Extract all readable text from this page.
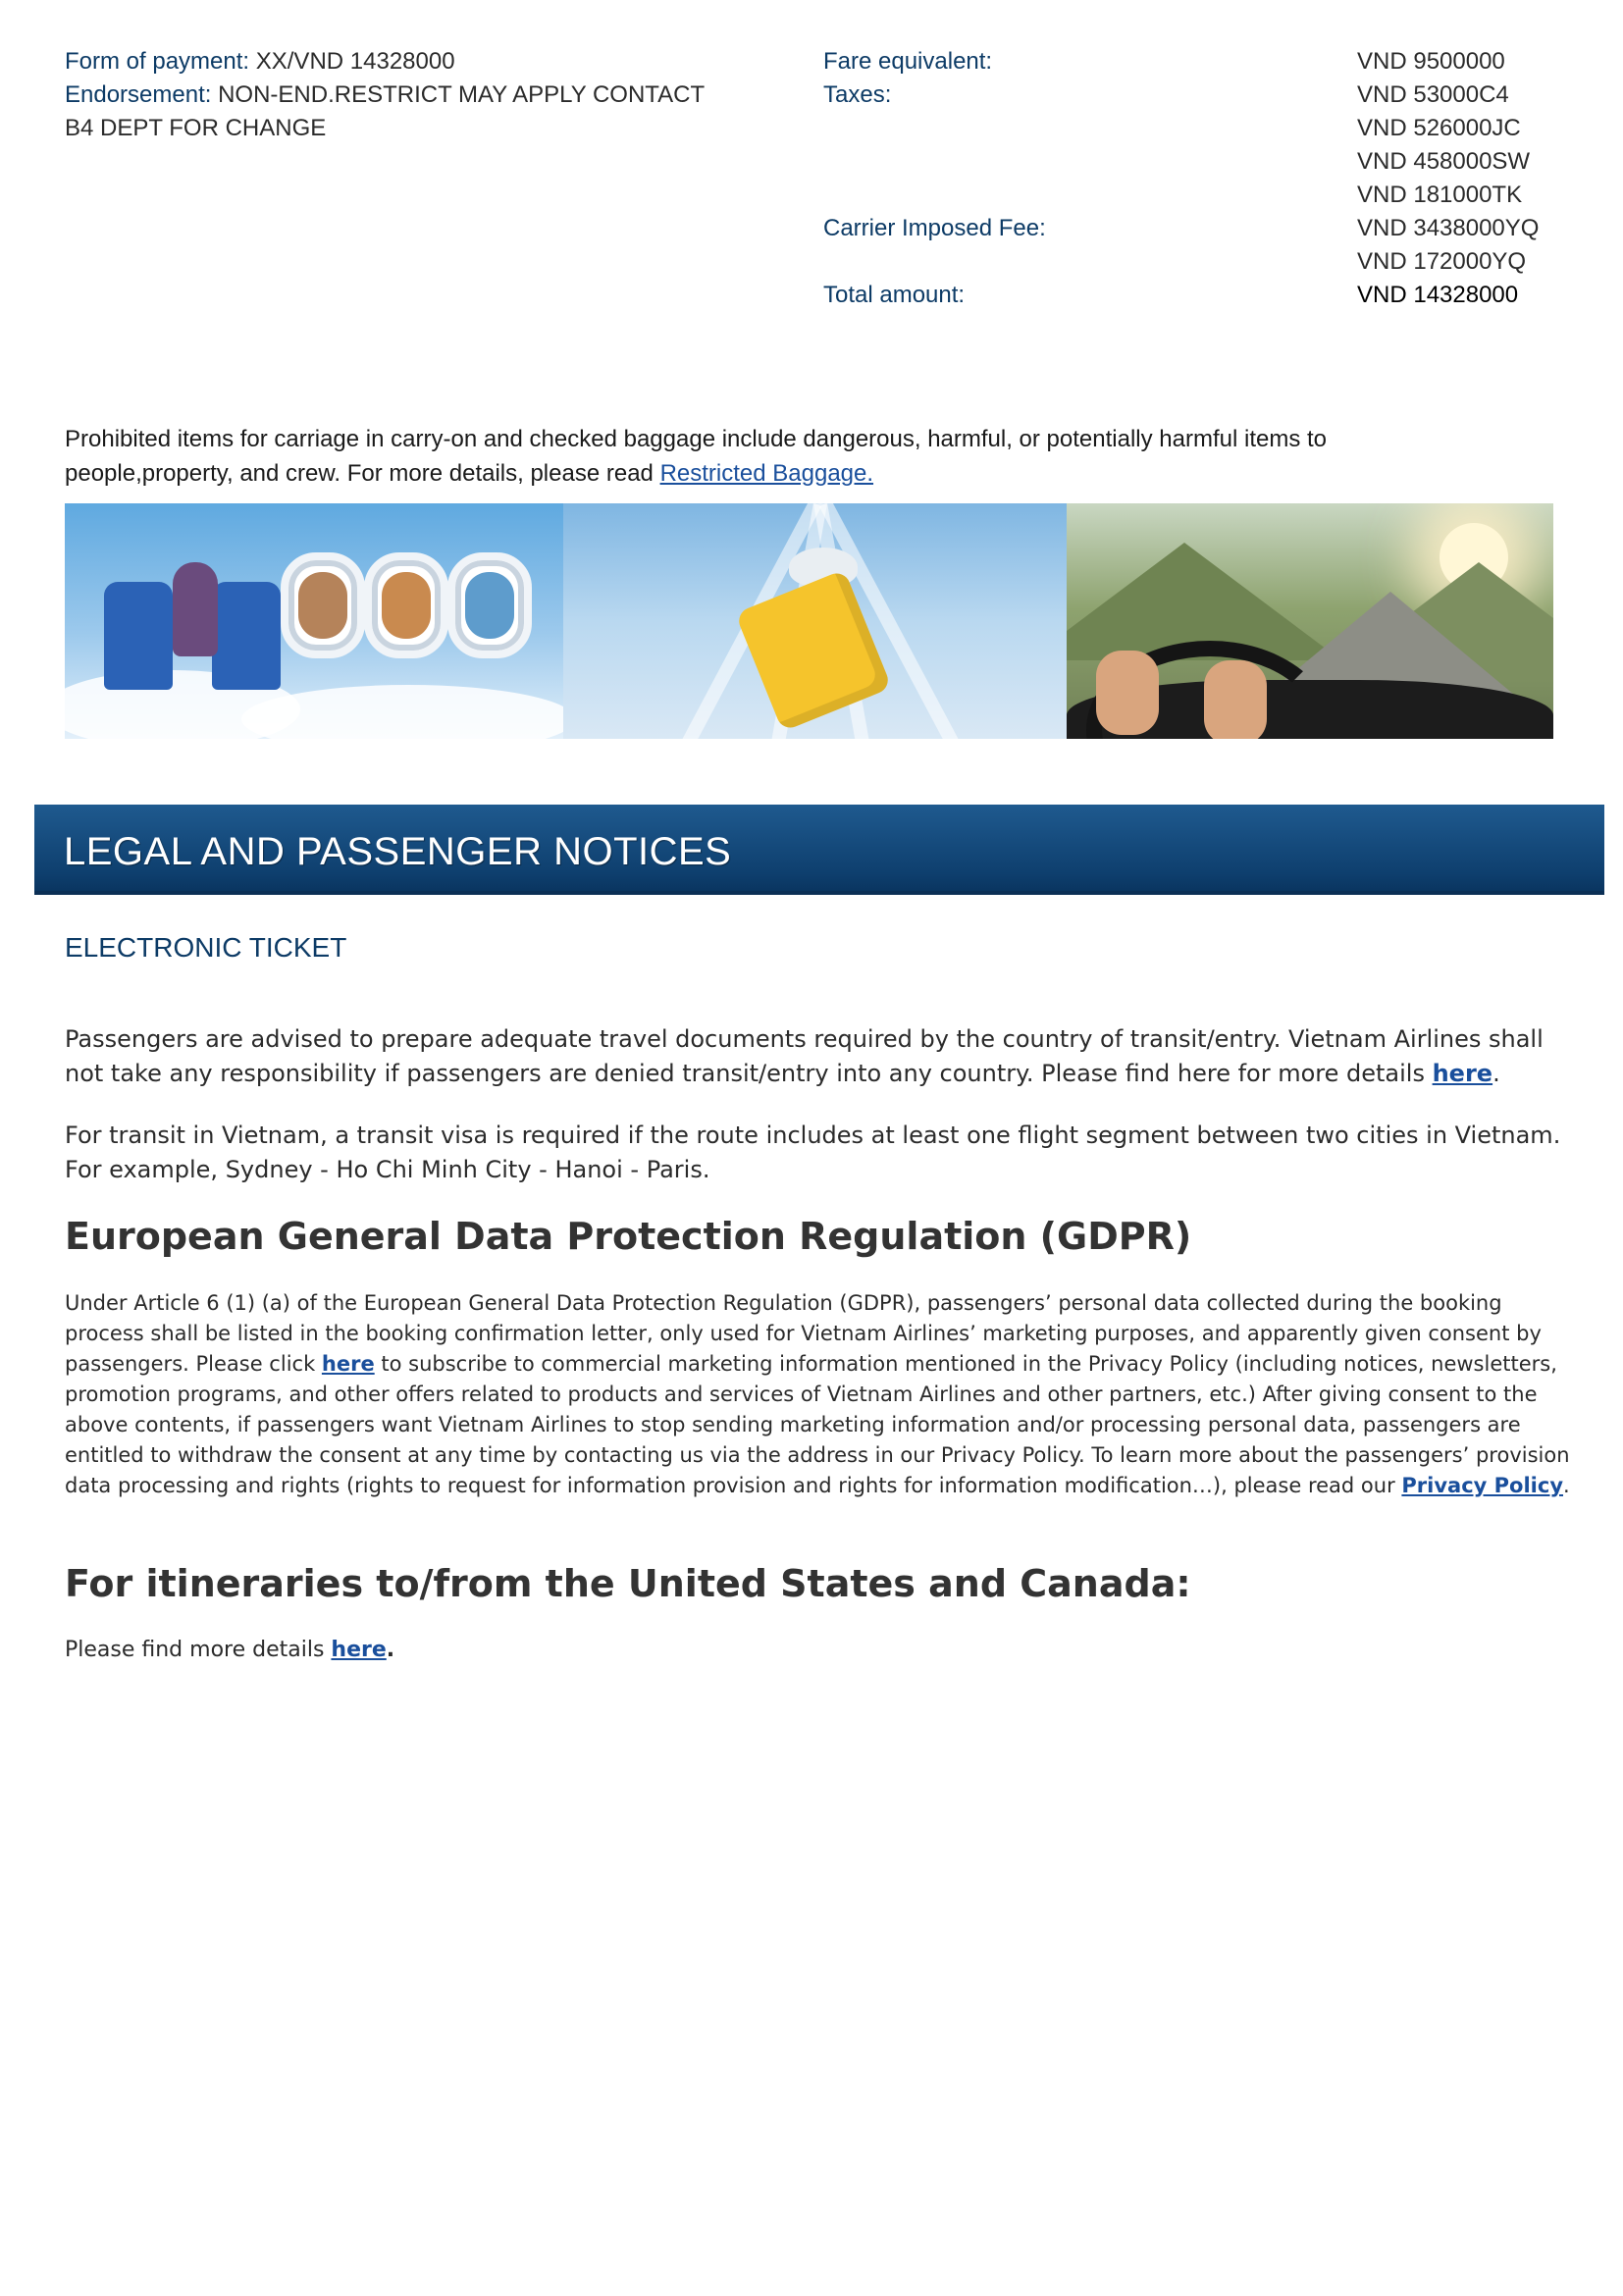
Form of payment: XX/VND 14328000
Endorsement: NON-END.RESTRICT MAY APPLY CONTACT
B4 DEPT FOR CHANGE
Fare equivalent:	VND 9500000
Taxes:	VND 53000C4
VND 526000JC
VND 458000SW
VND 181000TK
Carrier Imposed Fee:	VND 3438000YQ
VND 172000YQ
Total amount:	VND 14328000
Prohibited items for carriage in carry-on and checked baggage include dangerous, harmful, or potentially harmful items to people,property, and crew. For more details, please read Restricted Baggage.
LEGAL AND PASSENGER NOTICES
ELECTRONIC TICKET
Passengers are advised to prepare adequate travel documents required by the country of transit/entry. Vietnam Airlines shall not take any responsibility if passengers are denied transit/entry into any country. Please find here for more details here.
For transit in Vietnam, a transit visa is required if the route includes at least one flight segment between two cities in Vietnam. For example, Sydney - Ho Chi Minh City - Hanoi - Paris.
European General Data Protection Regulation (GDPR)
Under Article 6 (1) (a) of the European General Data Protection Regulation (GDPR), passengers’ personal data collected during the booking process shall be listed in the booking confirmation letter, only used for Vietnam Airlines’ marketing purposes, and apparently given consent by passengers. Please click here to subscribe to commercial marketing information mentioned in the Privacy Policy (including notices, newsletters, promotion programs, and other offers related to products and services of Vietnam Airlines and other partners, etc.) After giving consent to the above contents, if passengers want Vietnam Airlines to stop sending marketing information and/or processing personal data, passengers are entitled to withdraw the consent at any time by contacting us via the address in our Privacy Policy. To learn more about the passengers’ provision data processing and rights (rights to request for information provision and rights for information modification…), please read our Privacy Policy.
For itineraries to/from the United States and Canada:
Please find more details here.
